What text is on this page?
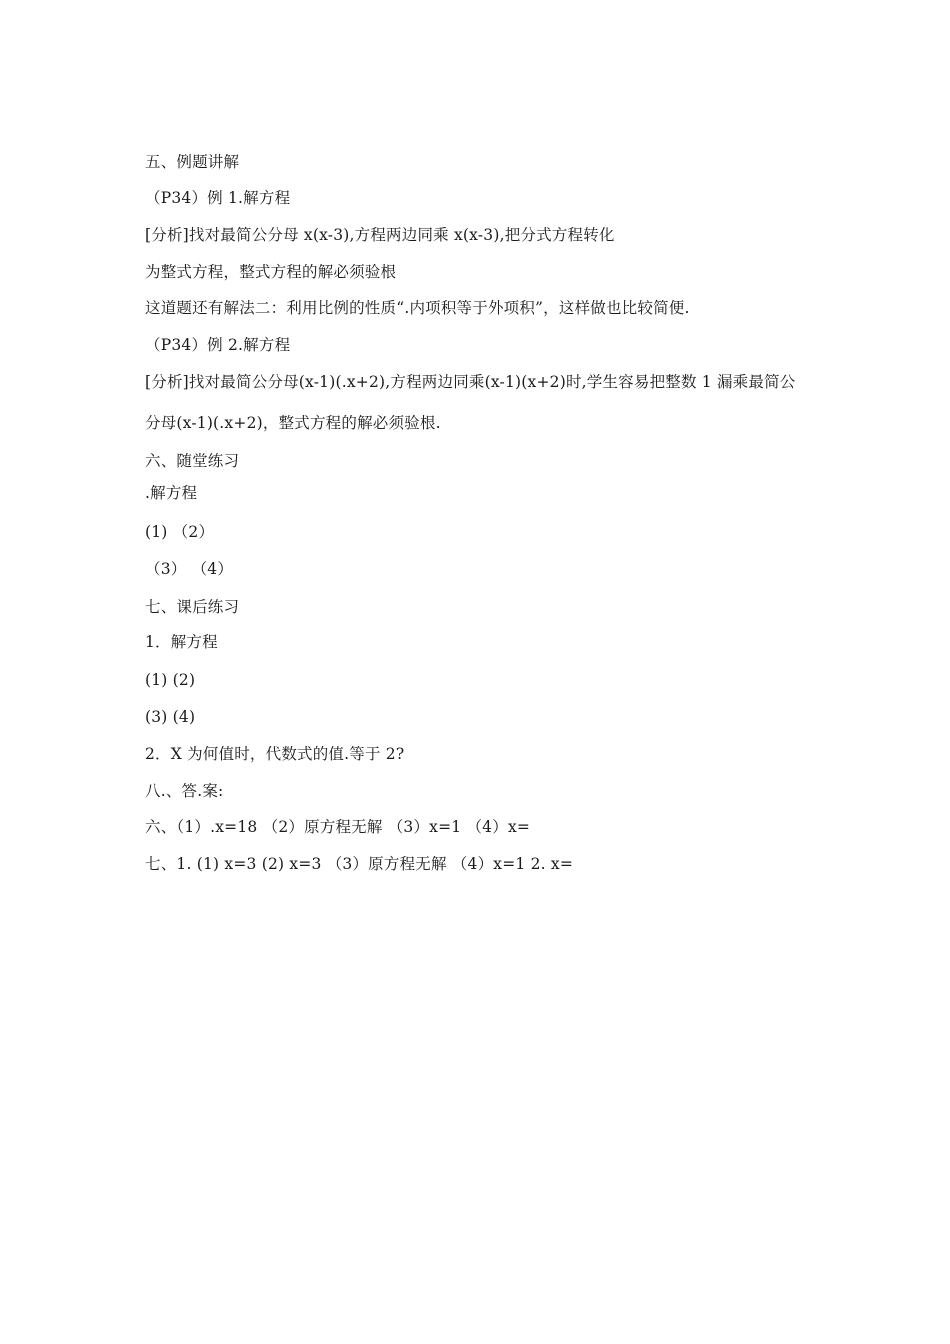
五、例题讲解
（P34）例 1.解方程
[分析]找对最简公分母 x(x-3),方程两边同乘 x(x-3),把分式方程转化
为整式方程，整式方程的解必须验根
这道题还有解法二：利用比例的性质“.内项积等于外项积”，这样做也比较简便.
（P34）例 2.解方程
[分析]找对最简公分母(x-1)(.x+2),方程两边同乘(x-1)(x+2)时,学生容易把整数 1 漏乘最简公
分母(x-1)(.x+2)，整式方程的解必须验根.
六、随堂练习
.解方程
(1) （2）
（3） （4）
七、课后练习
1．解方程
(1) (2)
(3) (4)
2．X 为何值时，代数式的值.等于 2?
八.、答.案:
六、（1）.x=18 （2）原方程无解 （3）x=1 （4）x=
七、1. (1) x=3 (2) x=3 （3）原方程无解 （4）x=1 2. x=
